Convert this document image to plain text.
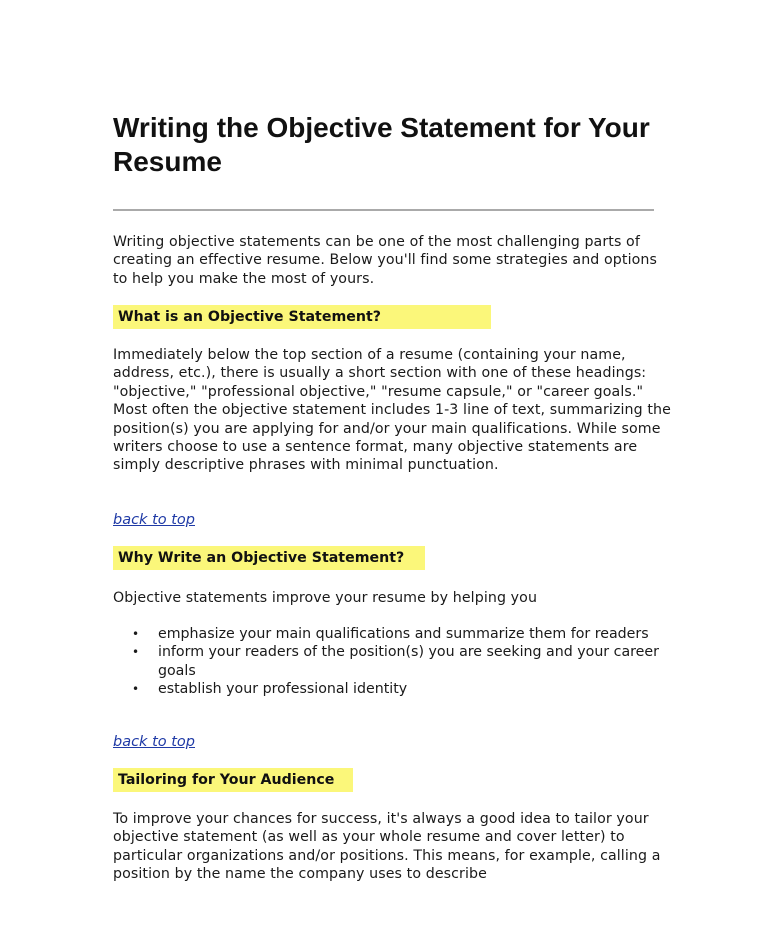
Writing the Objective Statement for Your Resume

Writing objective statements can be one of the most challenging parts of creating an effective resume. Below you'll find some strategies and options to help you make the most of yours.

What is an Objective Statement?

Immediately below the top section of a resume (containing your name, address, etc.), there is usually a short section with one of these headings: "objective," "professional objective," "resume capsule," or "career goals." Most often the objective statement includes 1-3 line of text, summarizing the position(s) you are applying for and/or your main qualifications. While some writers choose to use a sentence format, many objective statements are simply descriptive phrases with minimal punctuation.

back to top
Why Write an Objective Statement?

Objective statements improve your resume by helping you

• emphasize your main qualifications and summarize them for readers
• inform your readers of the position(s) you are seeking and your career goals
• establish your professional identity
back to top
Tailoring for Your Audience

To improve your chances for success, it's always a good idea to tailor your objective statement (as well as your whole resume and cover letter) to particular organizations and/or positions. This means, for example, calling a position by the name the company uses to describe
